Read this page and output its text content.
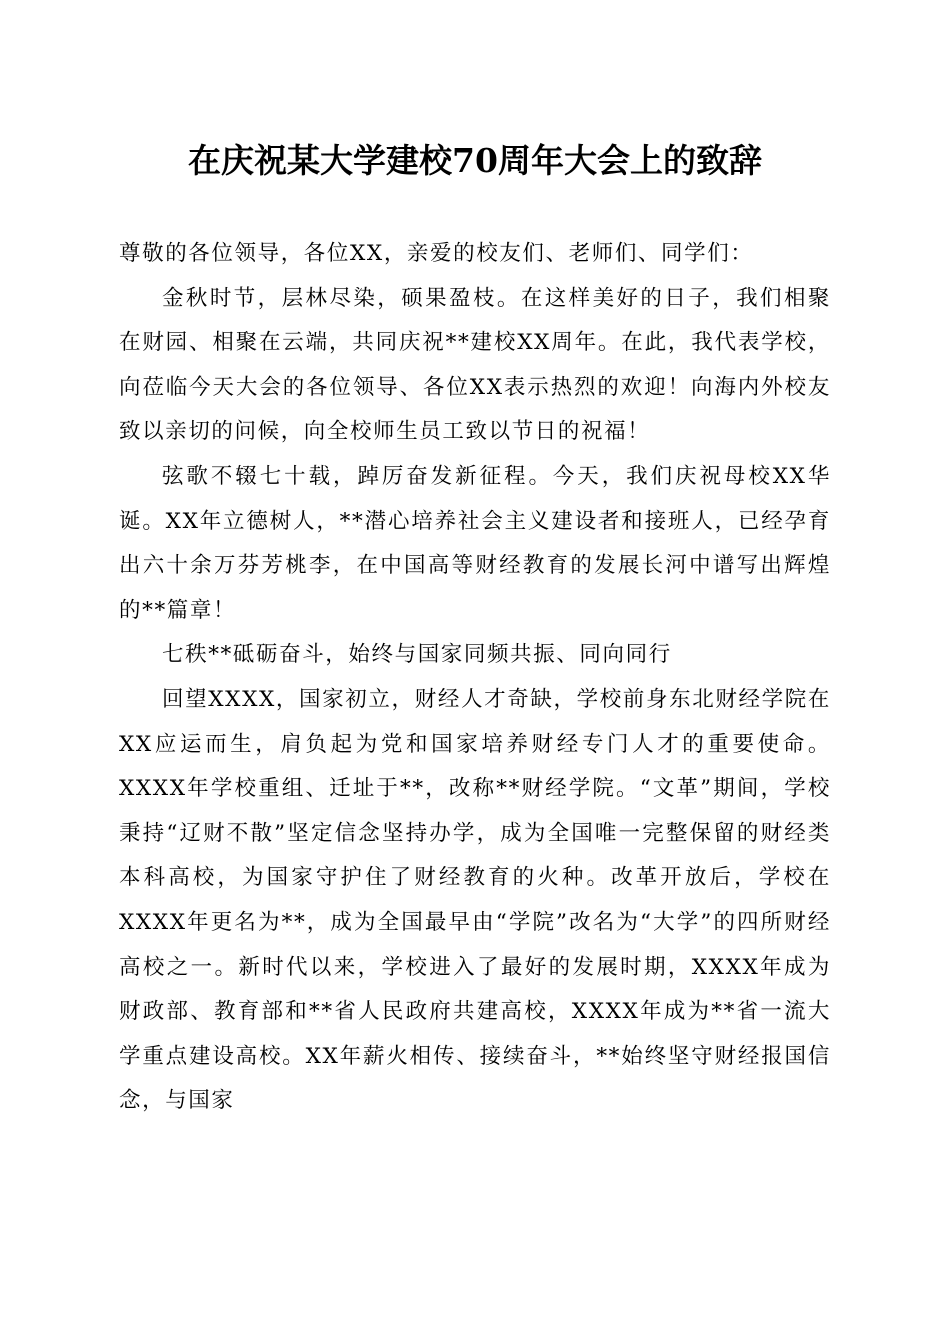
在庆祝某大学建校70周年大会上的致辞

尊敬的各位领导，各位XX，亲爱的校友们、老师们、同学们：

金秋时节，层林尽染，硕果盈枝。在这样美好的日子，我们相聚在财园、相聚在云端，共同庆祝**建校XX周年。在此，我代表学校，向莅临今天大会的各位领导、各位XX表示热烈的欢迎！向海内外校友致以亲切的问候，向全校师生员工致以节日的祝福！

弦歌不辍七十载，踔厉奋发新征程。今天，我们庆祝母校XX华诞。XX年立德树人，**潜心培养社会主义建设者和接班人，已经孕育出六十余万芬芳桃李，在中国高等财经教育的发展长河中谱写出辉煌的**篇章！

七秩**砥砺奋斗，始终与国家同频共振、同向同行

回望XXXX，国家初立，财经人才奇缺，学校前身东北财经学院在XX应运而生，肩负起为党和国家培养财经专门人才的重要使命。XXXX年学校重组、迁址于**，改称**财经学院。“文革”期间，学校秉持“辽财不散”坚定信念坚持办学，成为全国唯一完整保留的财经类本科高校，为国家守护住了财经教育的火种。改革开放后，学校在XXXX年更名为**，成为全国最早由“学院”改名为“大学”的四所财经高校之一。新时代以来，学校进入了最好的发展时期，XXXX年成为财政部、教育部和**省人民政府共建高校，XXXX年成为**省一流大学重点建设高校。XX年薪火相传、接续奋斗，**始终坚守财经报国信念，与国家
